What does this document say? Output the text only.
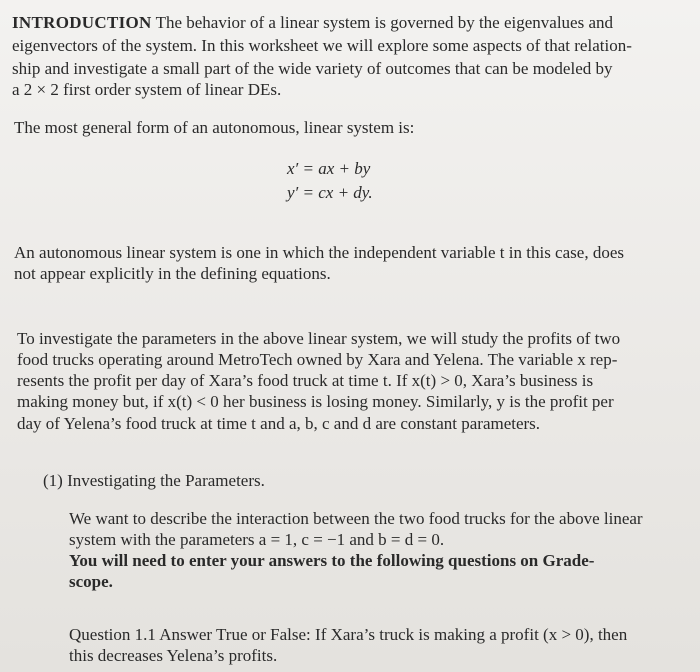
INTRODUCTION The behavior of a linear system is governed by the eigenvalues and

eigenvectors of the system. In this worksheet we will explore some aspects of that relation-

ship and investigate a small part of the wide variety of outcomes that can be modeled by

a 2 × 2 first order system of linear DEs.

The most general form of an autonomous, linear system is:

x′ = ax + by
y′ = cx + dy.

An autonomous linear system is one in which the independent variable t in this case, does

not appear explicitly in the defining equations.

To investigate the parameters in the above linear system, we will study the profits of two

food trucks operating around MetroTech owned by Xara and Yelena. The variable x rep-

resents the profit per day of Xara’s food truck at time t. If x(t) > 0, Xara’s business is

making money but, if x(t) < 0 her business is losing money. Similarly, y is the profit per

day of Yelena’s food truck at time t and a, b, c and d are constant parameters.

(1) Investigating the Parameters.

We want to describe the interaction between the two food trucks for the above linear

system with the parameters a = 1, c = −1 and b = d = 0.

You will need to enter your answers to the following questions on Grade-

scope.

Question 1.1 Answer True or False: If Xara’s truck is making a profit (x > 0), then

this decreases Yelena’s profits.
